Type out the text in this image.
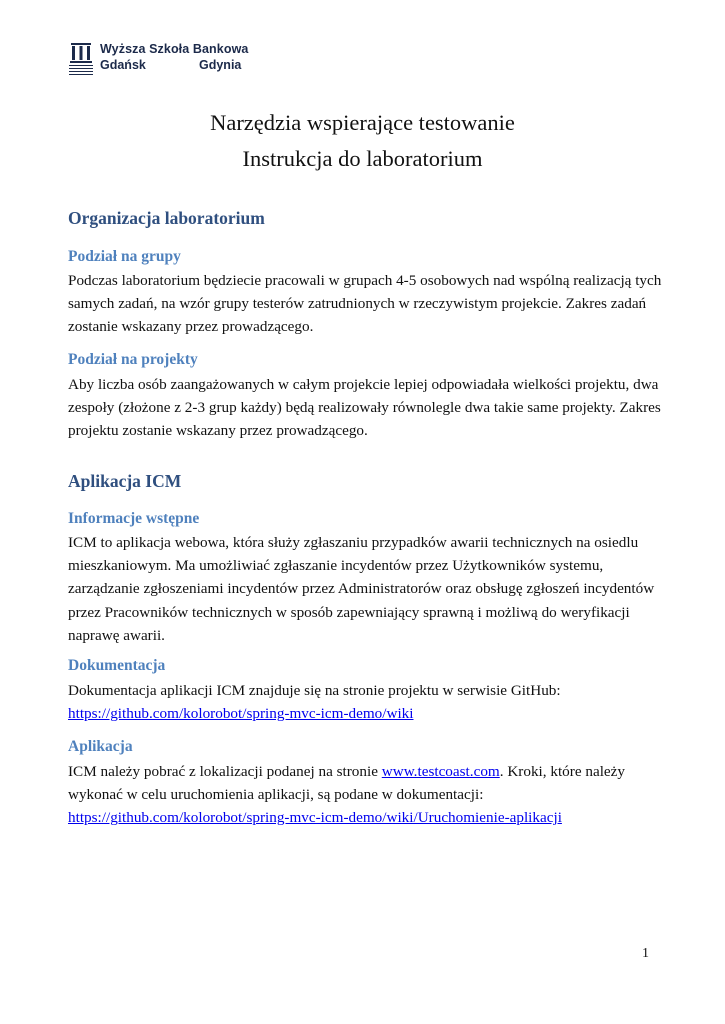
Wyższa Szkoła Bankowa
Gdańsk	Gdynia
Narzędzia wspierające testowanie
Instrukcja do laboratorium
Organizacja laboratorium
Podział na grupy

Podczas laboratorium będziecie pracowali w grupach 4-5 osobowych nad wspólną realizacją tych samych zadań, na wzór grupy testerów zatrudnionych w rzeczywistym projekcie. Zakres zadań zostanie wskazany przez prowadzącego.

Podział na projekty

Aby liczba osób zaangażowanych w całym projekcie lepiej odpowiadała wielkości projektu, dwa zespoły (złożone z 2-3 grup każdy) będą realizowały równolegle dwa takie same projekty. Zakres projektu zostanie wskazany przez prowadzącego.

Aplikacja ICM
Informacje wstępne

ICM to aplikacja webowa, która służy zgłaszaniu przypadków awarii technicznych na osiedlu mieszkaniowym. Ma umożliwiać zgłaszanie incydentów przez Użytkowników systemu, zarządzanie zgłoszeniami incydentów przez Administratorów oraz obsługę zgłoszeń incydentów przez Pracowników technicznych w sposób zapewniający sprawną i możliwą do weryfikacji naprawę awarii.

Dokumentacja

Dokumentacja aplikacji ICM znajduje się na stronie projektu w serwisie GitHub:
https://github.com/kolorobot/spring-mvc-icm-demo/wiki

Aplikacja

ICM należy pobrać z lokalizacji podanej na stronie www.testcoast.com. Kroki, które należy wykonać w celu uruchomienia aplikacji, są podane w dokumentacji:
https://github.com/kolorobot/spring-mvc-icm-demo/wiki/Uruchomienie-aplikacji

1
